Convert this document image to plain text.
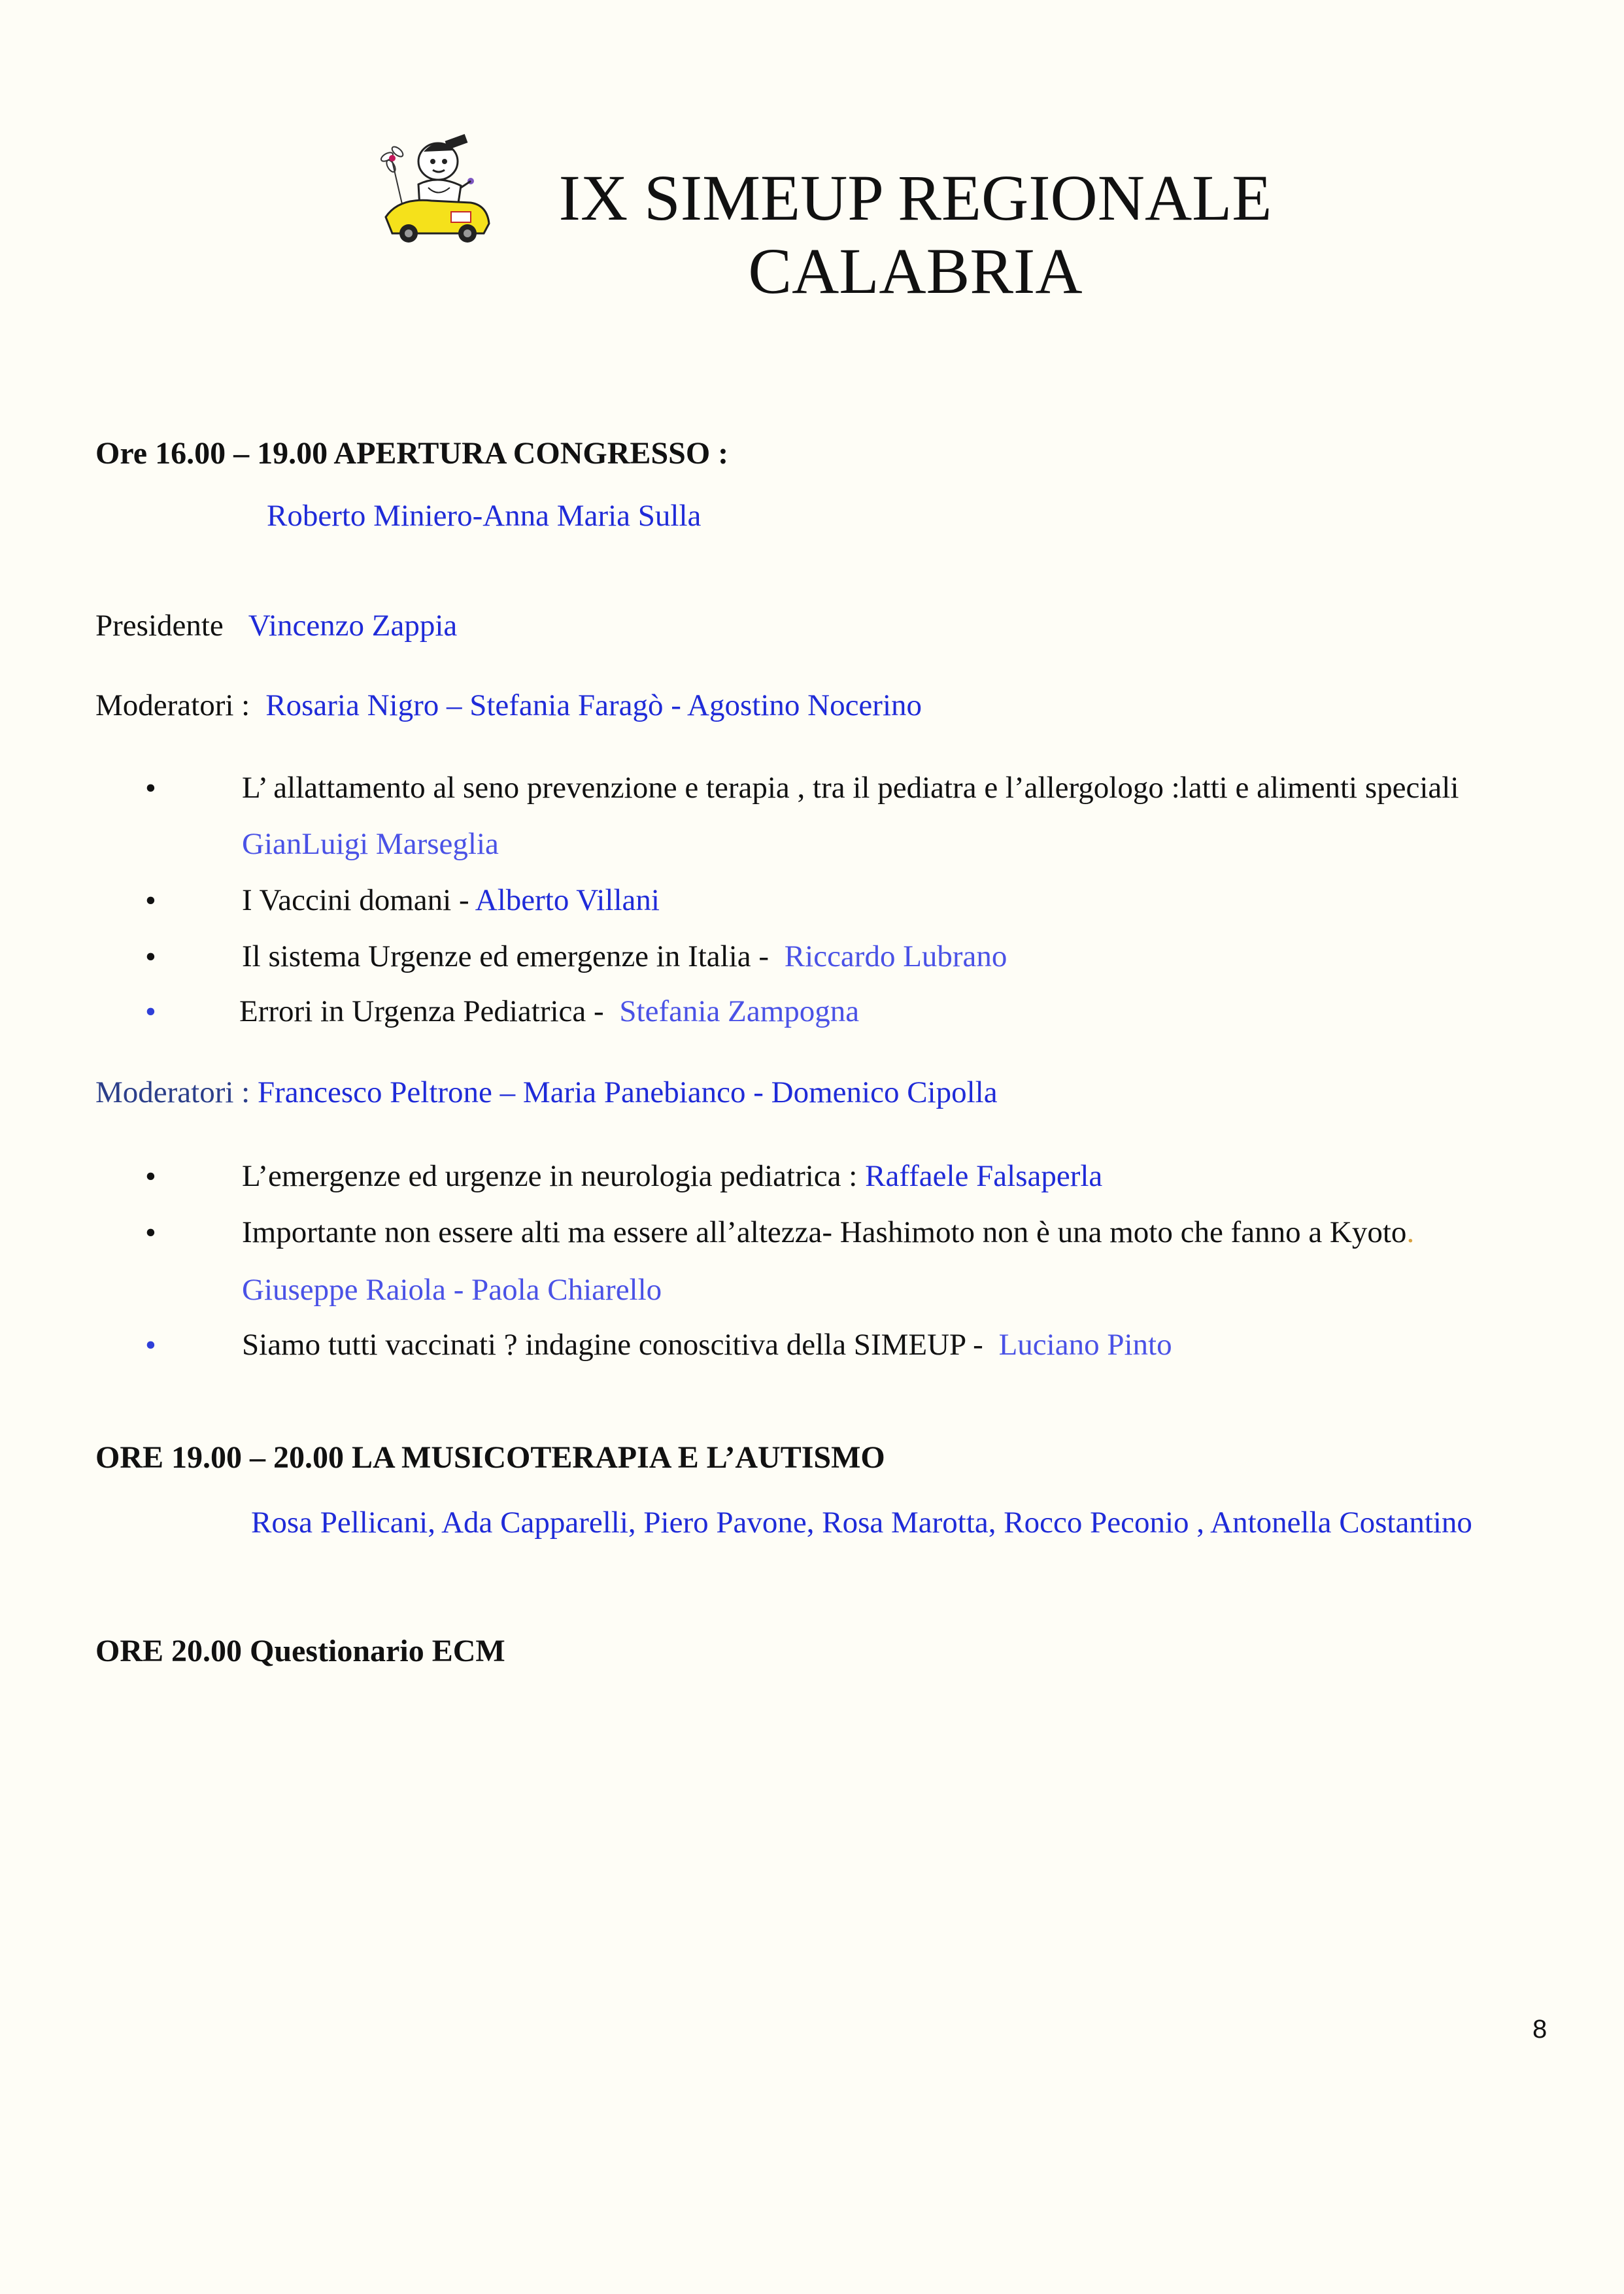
IX SIMEUP REGIONALE
CALABRIA
Ore 16.00 – 19.00 APERTURA CONGRESSO :
Roberto Miniero-Anna Maria Sulla
Presidente Vincenzo Zappia
Moderatori : Rosaria Nigro – Stefania Faragò - Agostino Nocerino
•	L’ allattamento al seno prevenzione e terapia , tra il pediatra e l’allergologo :latti e alimenti speciali
GianLuigi Marseglia
•	I Vaccini domani - Alberto Villani
•	Il sistema Urgenze ed emergenze in Italia - Riccardo Lubrano
•	Errori in Urgenza Pediatrica - Stefania Zampogna
Moderatori : Francesco Peltrone – Maria Panebianco - Domenico Cipolla
•	L’emergenze ed urgenze in neurologia pediatrica : Raffaele Falsaperla
•	Importante non essere alti ma essere all’altezza- Hashimoto non è una moto che fanno a Kyoto.
Giuseppe Raiola - Paola Chiarello
•	Siamo tutti vaccinati ? indagine conoscitiva della SIMEUP - Luciano Pinto
ORE 19.00 – 20.00 LA MUSICOTERAPIA E L’AUTISMO
Rosa Pellicani, Ada Capparelli, Piero Pavone, Rosa Marotta, Rocco Peconio , Antonella Costantino
ORE 20.00 Questionario ECM
8
